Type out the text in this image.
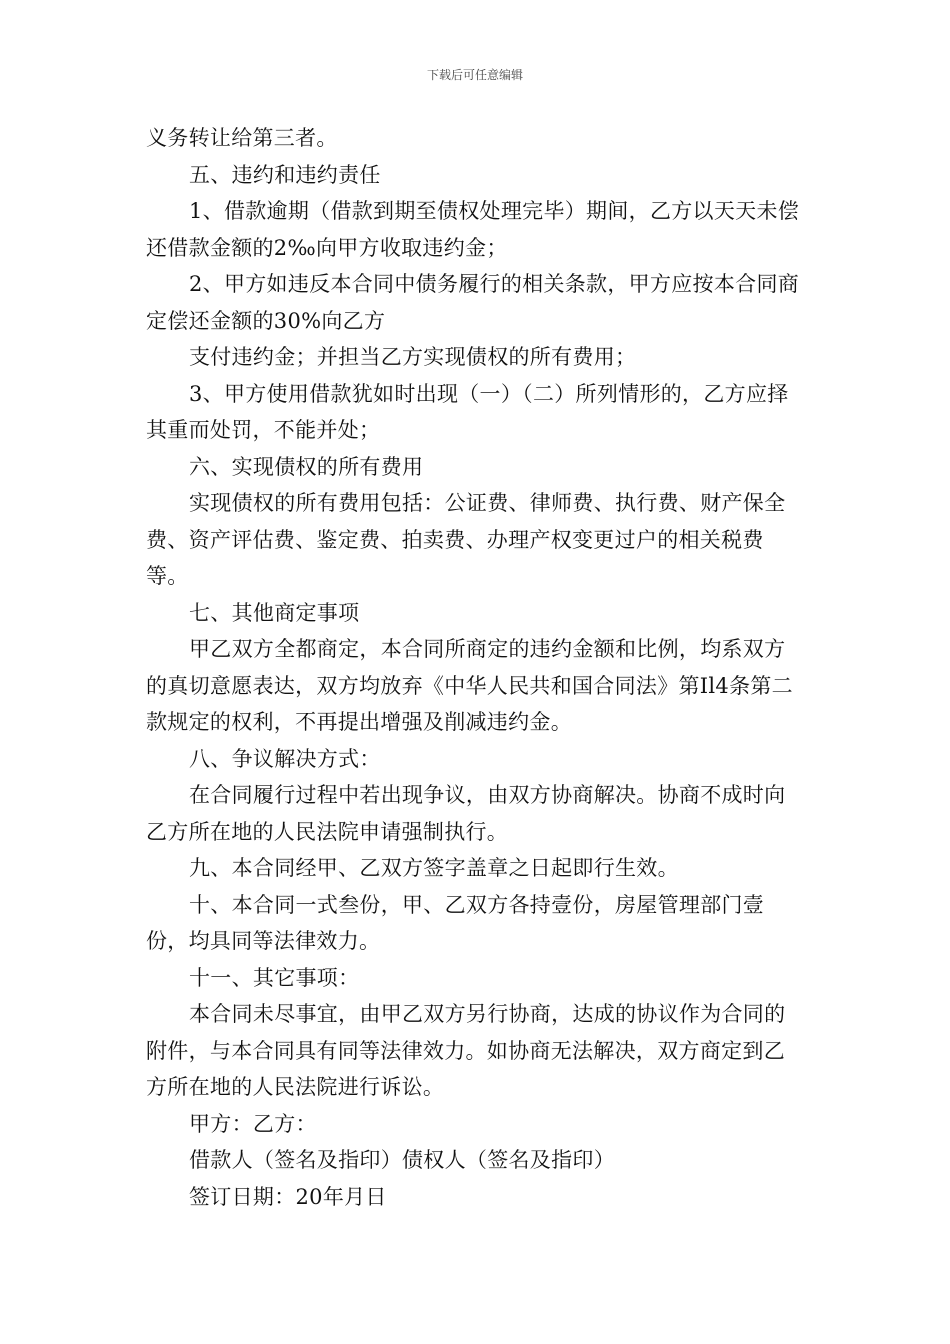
下载后可任意编辑

义务转让给第三者。

五、违约和违约责任

1、借款逾期（借款到期至债权处理完毕）期间，乙方以天天未偿还借款金额的2‰向甲方收取违约金；

2、甲方如违反本合同中债务履行的相关条款，甲方应按本合同商定偿还金额的30%向乙方

支付违约金；并担当乙方实现债权的所有费用；

3、甲方使用借款犹如时出现（一）（二）所列情形的，乙方应择其重而处罚，不能并处；

六、实现债权的所有费用

实现债权的所有费用包括：公证费、律师费、执行费、财产保全费、资产评估费、鉴定费、拍卖费、办理产权变更过户的相关税费等。

七、其他商定事项

甲乙双方全都商定，本合同所商定的违约金额和比例，均系双方的真切意愿表达，双方均放弃《中华人民共和国合同法》第Il4条第二款规定的权利，不再提出增强及削减违约金。

八、争议解决方式：

在合同履行过程中若出现争议，由双方协商解决。协商不成时向乙方所在地的人民法院申请强制执行。

九、本合同经甲、乙双方签字盖章之日起即行生效。

十、本合同一式叁份，甲、乙双方各持壹份，房屋管理部门壹份，均具同等法律效力。

十一、其它事项：

本合同未尽事宜，由甲乙双方另行协商，达成的协议作为合同的附件，与本合同具有同等法律效力。如协商无法解决，双方商定到乙方所在地的人民法院进行诉讼。

甲方：乙方：

借款人（签名及指印）债权人（签名及指印）

签订日期：20年月日
